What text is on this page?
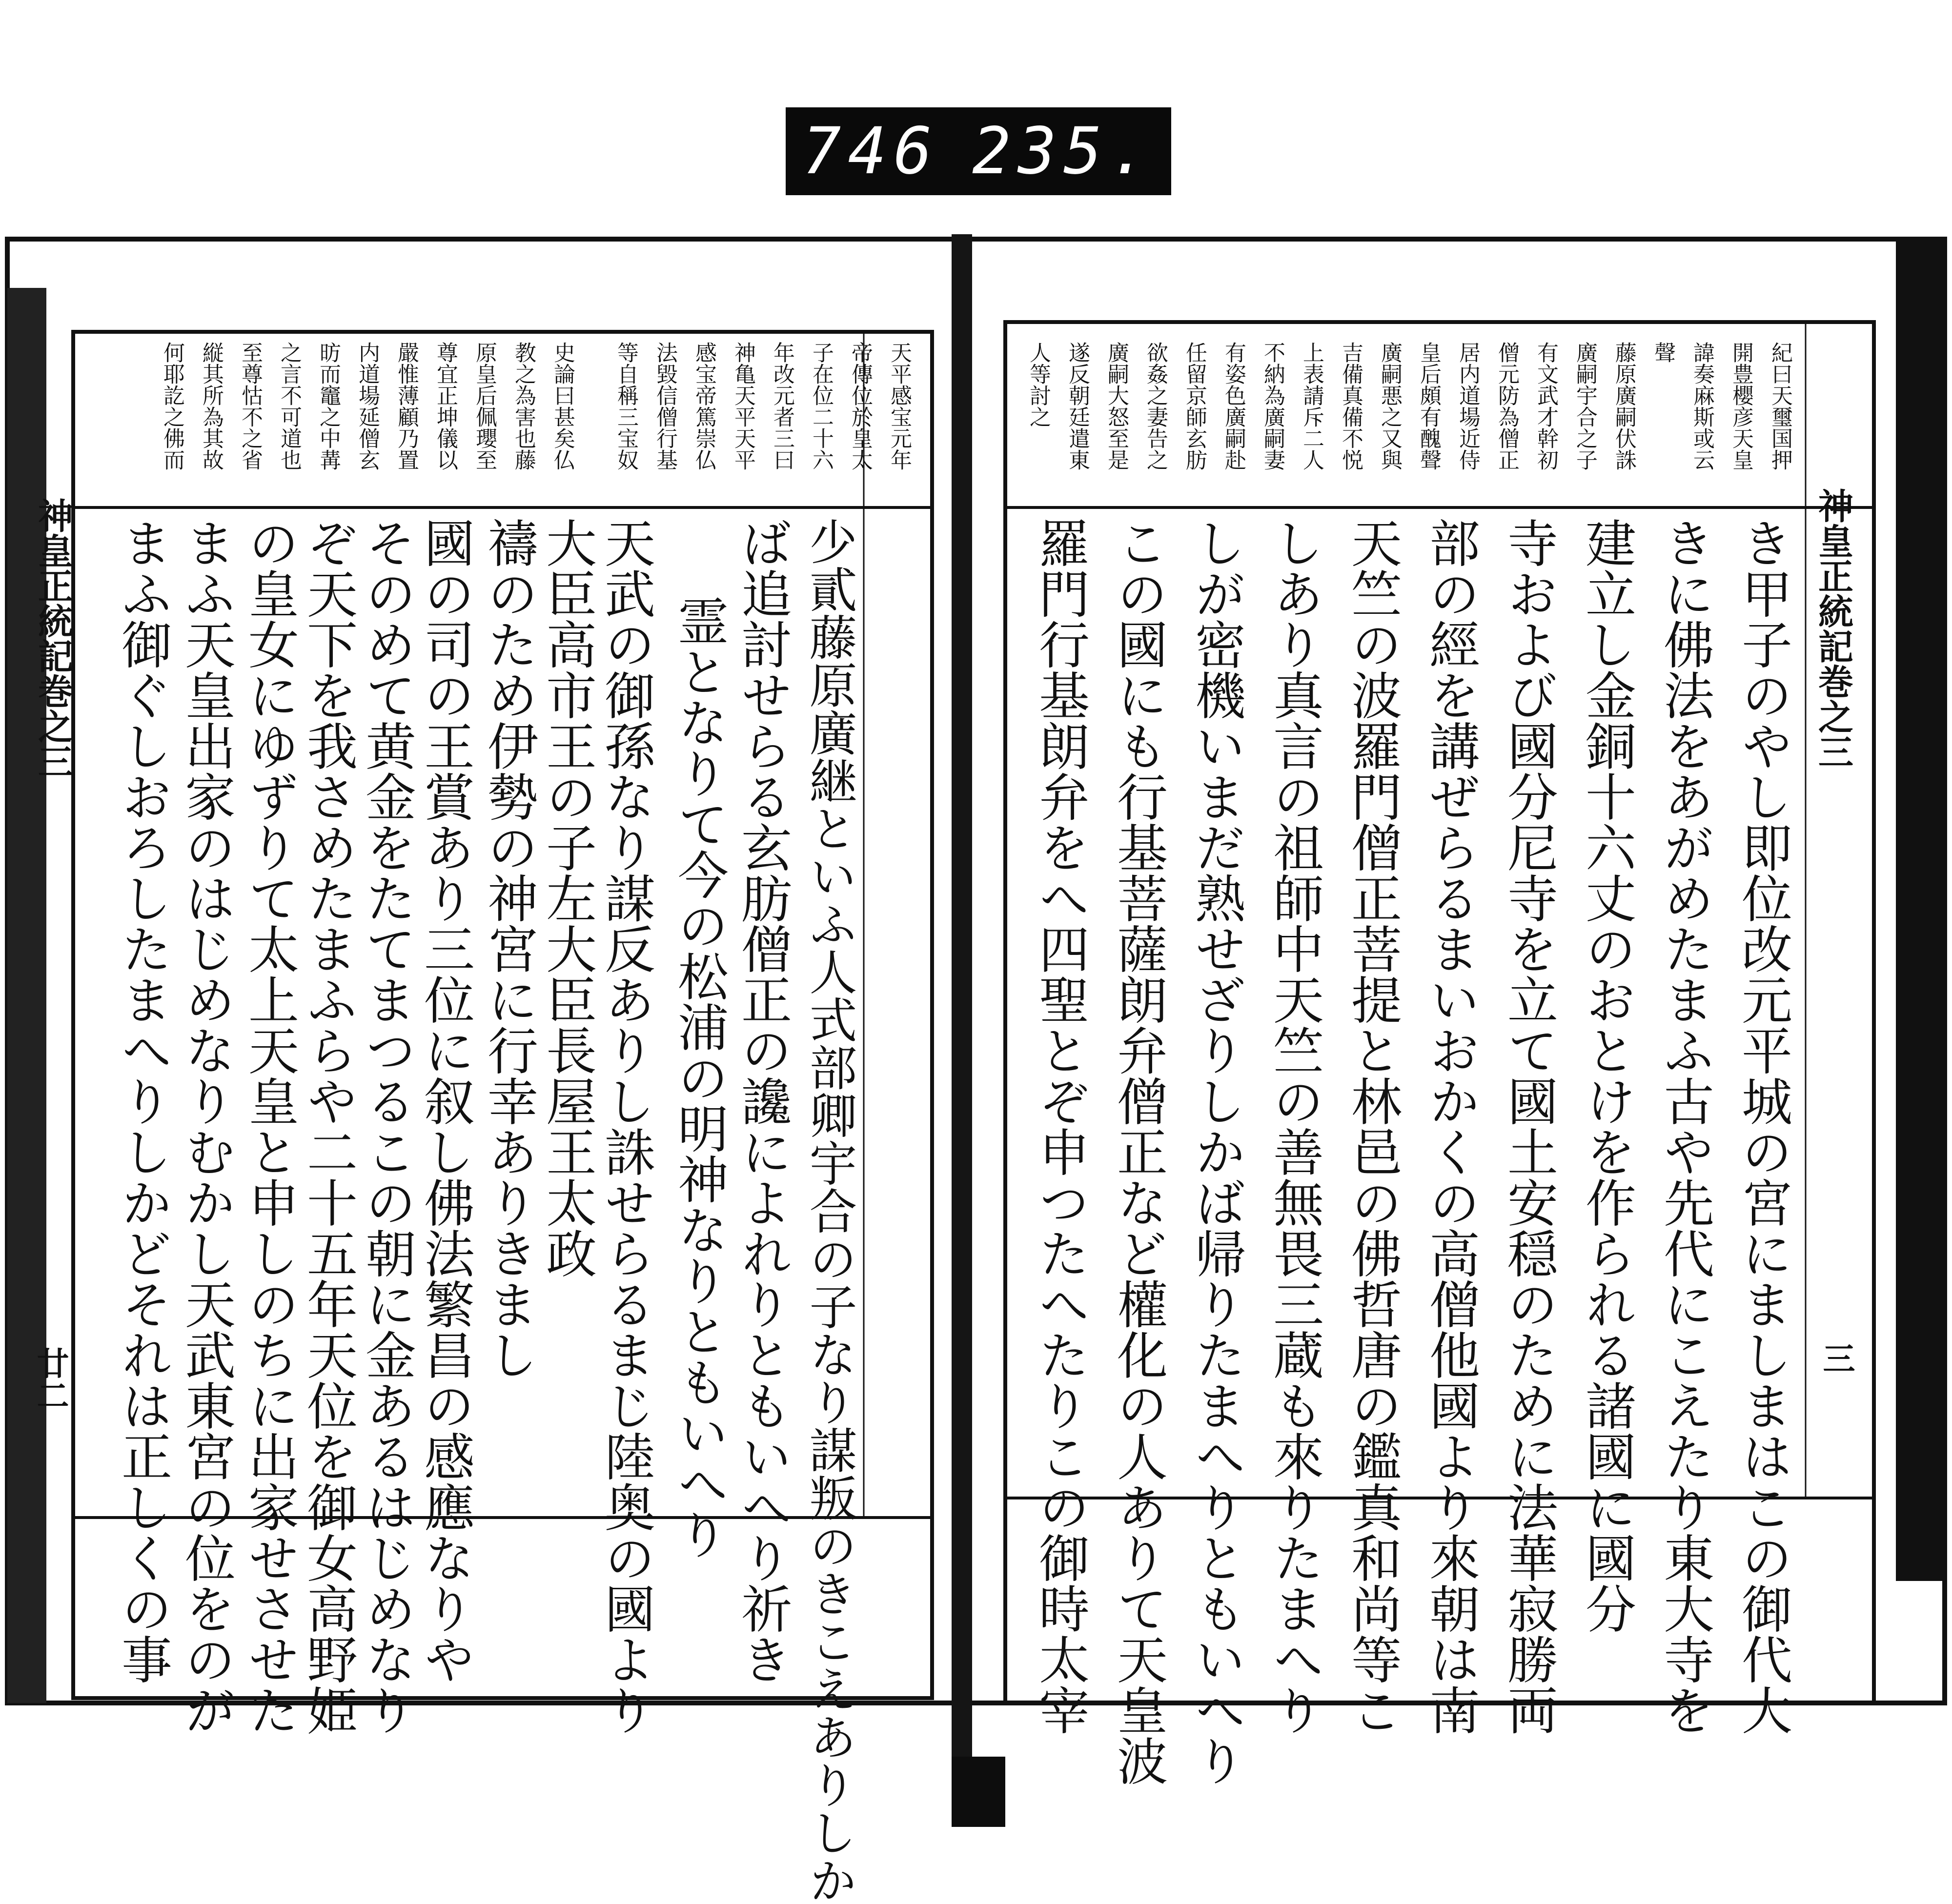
746 235.
神皇正統記巻之三
三
神皇正統記巻之三
廿二
紀曰天璽国押
開豊櫻彦天皇
諱奏麻斯或云
聲
藤原廣嗣伏誅
廣嗣宇合之子
有文武才幹初
僧元防為僧正
居内道場近侍
皇后頗有醜聲
廣嗣悪之又與
吉備真備不悦
上表請斥二人
不納為廣嗣妻
有姿色廣嗣赴
任留京師玄肪
欲姦之妻告之
廣嗣大怒至是
遂反朝廷遣東
人等討之
き甲子のやし即位改元平城の宮にましまはこの御代大
きに佛法をあがめたまふ古や先代にこえたり東大寺を
建立し金銅十六丈のおとけを作られる諸國に國分
寺および國分尼寺を立て國土安穏のために法華寂勝両
部の經を講ぜらるまいおかくの高僧他國より來朝は南
天竺の波羅門僧正菩提と林邑の佛哲唐の鑑真和尚等こ
しあり真言の祖師中天竺の善無畏三蔵も來りたまへり
しが密機いまだ熟せざりしかば帰りたまへりともいへり
この國にも行基菩薩朗弁僧正など權化の人ありて天皇波
羅門行基朗弁をへ四聖とぞ申つたへたりこの御時太宰
天平感宝元年
帝傳位於皇太
子在位二十六
年改元者三曰
神亀天平天平
感宝帝篤崇仏
法毀信僧行基
等自稱三宝奴
史論曰甚矣仏
教之為害也藤
原皇后佩瓔至
尊宜正坤儀以
嚴惟薄顧乃置
内道場延僧玄
昉而竈之中冓
之言不可道也
至尊怙不之省
縦其所為其故
何耶訖之佛而
少貳藤原廣継といふ人式部卿宇合の子なり謀叛のきこえありしか
ば追討せらる玄肪僧正の讒によれりともいへり祈き
霊となりて今の松浦の明神なりともいへり
天武の御孫なり謀反ありし誅せらるまじ陸奥の國より
大臣高市王の子左大臣長屋王太政
禱のため伊勢の神宮に行幸ありきまし
國の司の王賞あり三位に叙し佛法繁昌の感應なりや
そのめて黄金をたてまつるこの朝に金あるはじめなり
ぞ天下を我さめたまふらや二十五年天位を御女高野姫
の皇女にゆずりて太上天皇と申しのちに出家せさせた
まふ天皇出家のはじめなりむかし天武東宮の位をのが
まふ御ぐしおろしたまへりしかどそれは正しくの事
